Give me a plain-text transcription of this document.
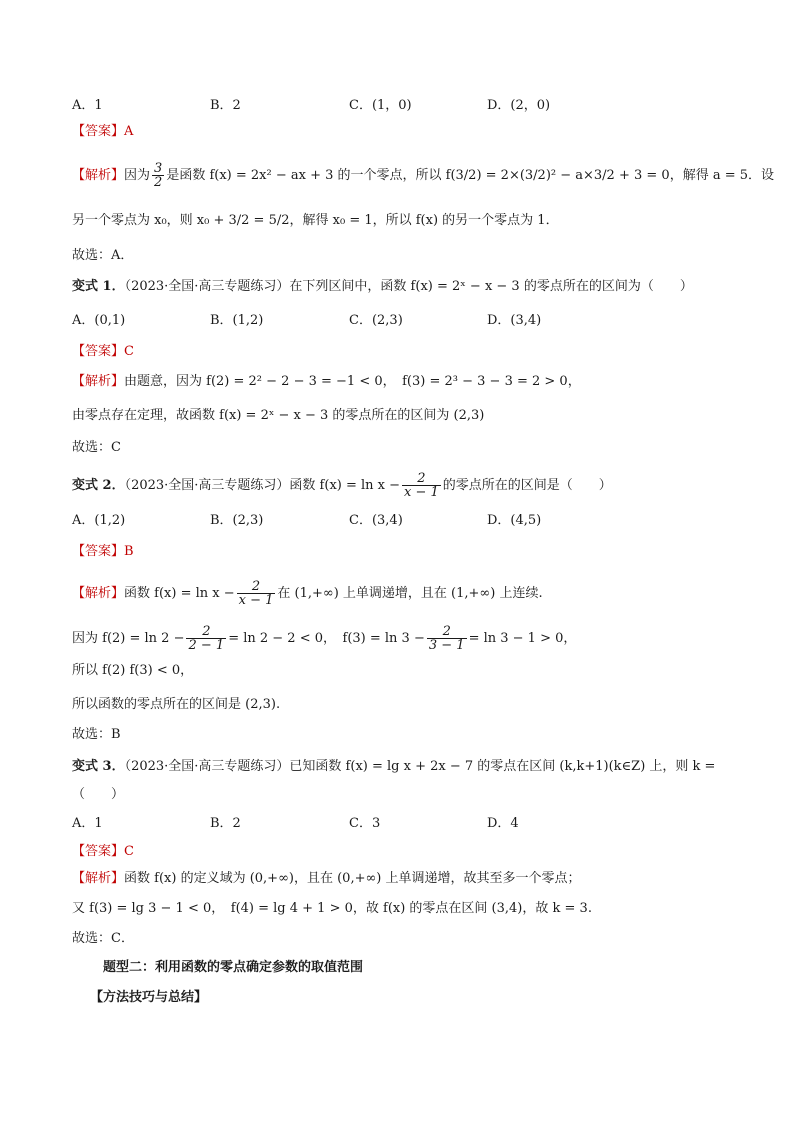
A．1	B．2	C．(1，0)	D．(2，0)
【答案】A
【解析】因为 $\frac{3}{2}$ 是函数 f(x) = 2x² − ax + 3 的一个零点，所以 f(3/2) = 2×(3/2)² − a×3/2 + 3 = 0，解得 a = 5．设
另一个零点为 x₀，则 x₀ + 3/2 = 5/2，解得 x₀ = 1，所以 f(x) 的另一个零点为 1．
故选：A．
变式 1．（2023·全国·高三专题练习）在下列区间中，函数 f(x) = 2ˣ − x − 3 的零点所在的区间为（　　）
A．(0,1)	B．(1,2)	C．(2,3)	D．(3,4)
【答案】C
【解析】由题意，因为 f(2) = 2² − 2 − 3 = −1 < 0，　f(3) = 2³ − 3 − 3 = 2 > 0，
由零点存在定理，故函数 f(x) = 2ˣ − x − 3 的零点所在的区间为 (2,3)
故选：C
变式 2．（2023·全国·高三专题练习）函数 $f(x) = \ln x - \frac{2}{x - 1}$ 的零点所在的区间是（　　）
A．(1,2)	B．(2,3)	C．(3,4)	D．(4,5)
【答案】B
【解析】函数 $f(x) = \ln x - \frac{2}{x - 1}$ 在 (1,+∞) 上单调递增，且在 (1,+∞) 上连续.
因为 $f(2) = \ln 2 - \frac{2}{2 - 1} = \ln 2 - 2 < 0$，　$f(3) = \ln 3 - \frac{2}{3 - 1} = \ln 3 - 1 > 0$，
所以 f(2) f(3) < 0，
所以函数的零点所在的区间是 (2,3).
故选：B
变式 3．（2023·全国·高三专题练习）已知函数 f(x) = lg x + 2x − 7 的零点在区间 (k,k+1)(k∈Z) 上，则 k =
（　　）
A．1	B．2	C．3	D．4
【答案】C
【解析】函数 f(x) 的定义域为 (0,+∞)，且在 (0,+∞) 上单调递增，故其至多一个零点；
又 f(3) = lg 3 − 1 < 0，　f(4) = lg 4 + 1 > 0，故 f(x) 的零点在区间 (3,4)，故 k = 3.
故选：C．
题型二：利用函数的零点确定参数的取值范围
【方法技巧与总结】
